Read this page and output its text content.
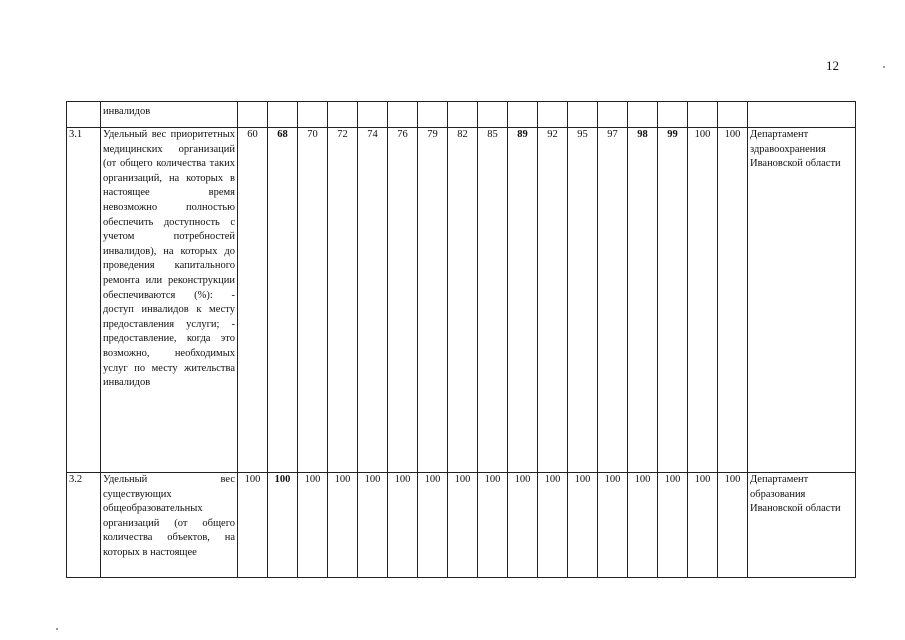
12
	инвалидов																		
3.1	Удельный вес приоритетных медицинских организаций (от общего количества таких организаций, на которых в настоящее время невозможно полностью обеспечить доступность с учетом потребностей инвалидов), на которых до проведения капитального ремонта или реконструкции обеспечиваются (%): - доступ инвалидов к месту предоставления услуги; - предоставление, когда это возможно, необходимых услуг по месту жительства инвалидов	60	68	70	72	74	76	79	82	85	89	92	95	97	98	99	100	100	Департамент здравоохранения Ивановской области
3.2	Удельный вес существующих общеобразовательных организаций (от общего количества объектов, на которых в настоящее	100	100	100	100	100	100	100	100	100	100	100	100	100	100	100	100	100	Департамент образования Ивановской области
